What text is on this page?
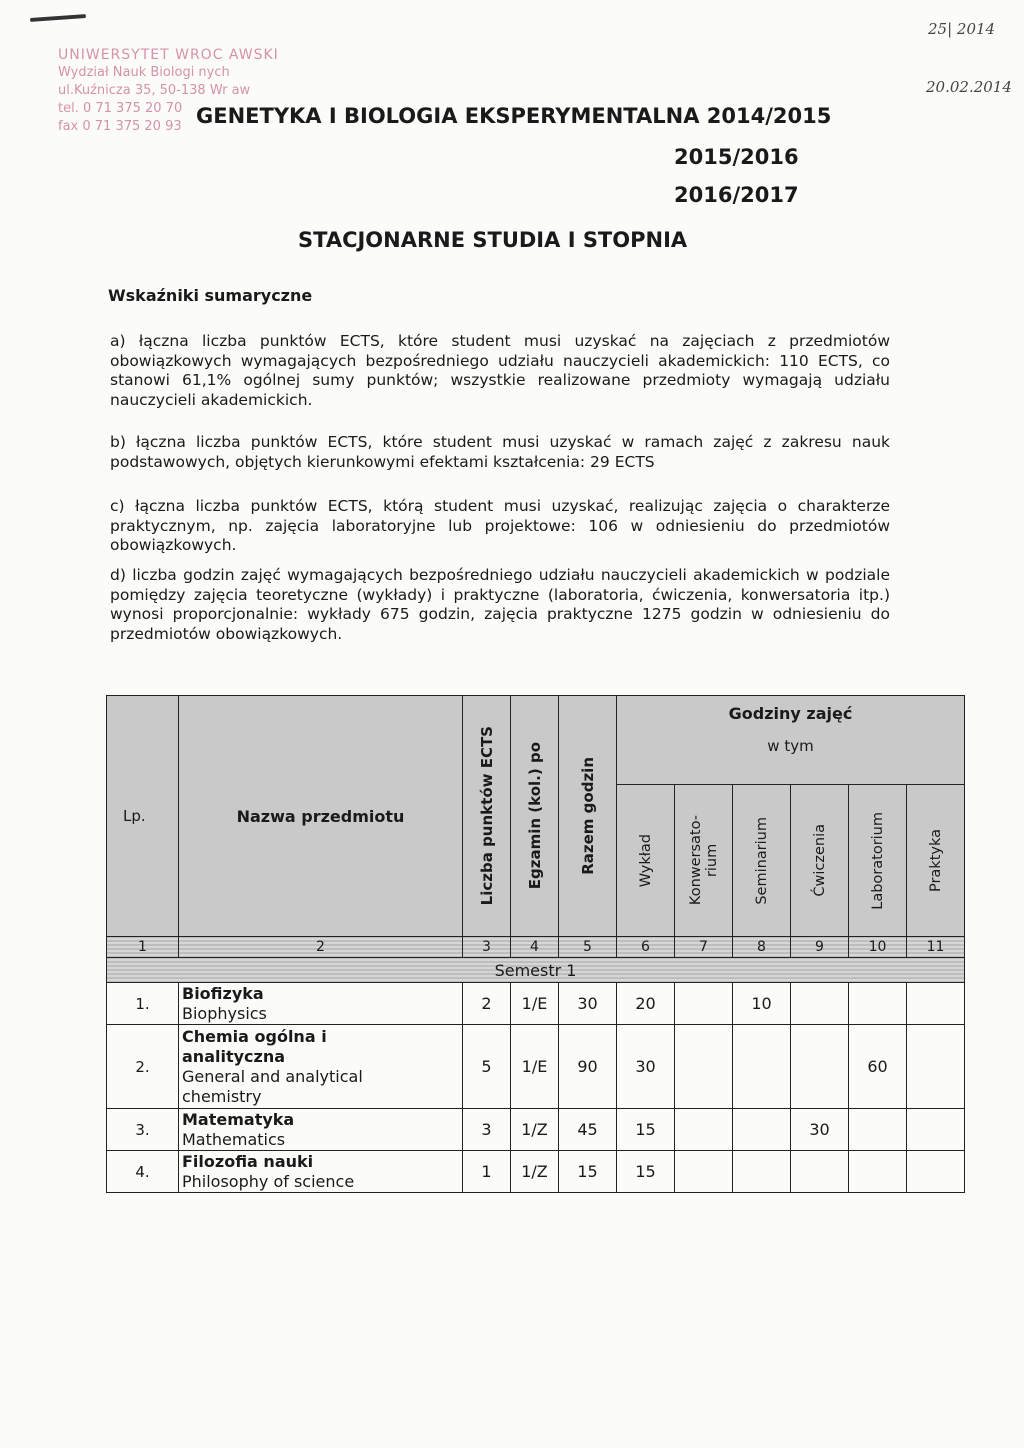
UNIWERSYTET WROC AWSKI
Wydział Nauk Biologi nych
ul.Kuźnicza 35, 50-138 Wr aw
tel. 0 71 375 20 70
fax 0 71 375 20 93
25| 2014
20.02.2014
GENETYKA I BIOLOGIA EKSPERYMENTALNA 2014/2015
2015/2016
2016/2017
STACJONARNE STUDIA I STOPNIA
Wskaźniki sumaryczne

a) łączna liczba punktów ECTS, które student musi uzyskać na zajęciach z przedmiotów obowiązkowych wymagających bezpośredniego udziału nauczycieli akademickich: 110 ECTS, co stanowi 61,1% ogólnej sumy punktów; wszystkie realizowane przedmioty wymagają udziału nauczycieli akademickich.

b) łączna liczba punktów ECTS, które student musi uzyskać w ramach zajęć z zakresu nauk podstawowych, objętych kierunkowymi efektami kształcenia: 29 ECTS

c) łączna liczba punktów ECTS, którą student musi uzyskać, realizując zajęcia o charakterze praktycznym, np. zajęcia laboratoryjne lub projektowe: 106 w odniesieniu do przedmiotów obowiązkowych.

d) liczba godzin zajęć wymagających bezpośredniego udziału nauczycieli akademickich w podziale pomiędzy zajęcia teoretyczne (wykłady) i praktyczne (laboratoria, ćwiczenia, konwersatoria itp.) wynosi proporcjonalnie: wykłady 675 godzin, zajęcia praktyczne 1275 godzin w odniesieniu do przedmiotów obowiązkowych.

Lp.	Nazwa przedmiotu	Liczba punktów ECTS	Egzamin (kol.) po	Razem godzin	Godziny zajęć
w tym					

					Wykład	Konwersato- rium	Seminarium	Ćwiczenia	Laboratorium	Praktyka

1	2	3	4	5	6	7	8	9	10	11
Semestr 1										
1.	Biofizyka
Biophysics	2	1/E	30	20		10			
2.	Chemia ogólna i analityczna
General and analytical chemistry	5	1/E	90	30				60	
3.	Matematyka
Mathematics	3	1/Z	45	15			30		
4.	Filozofia nauki
Philosophy of science	1	1/Z	15	15					
